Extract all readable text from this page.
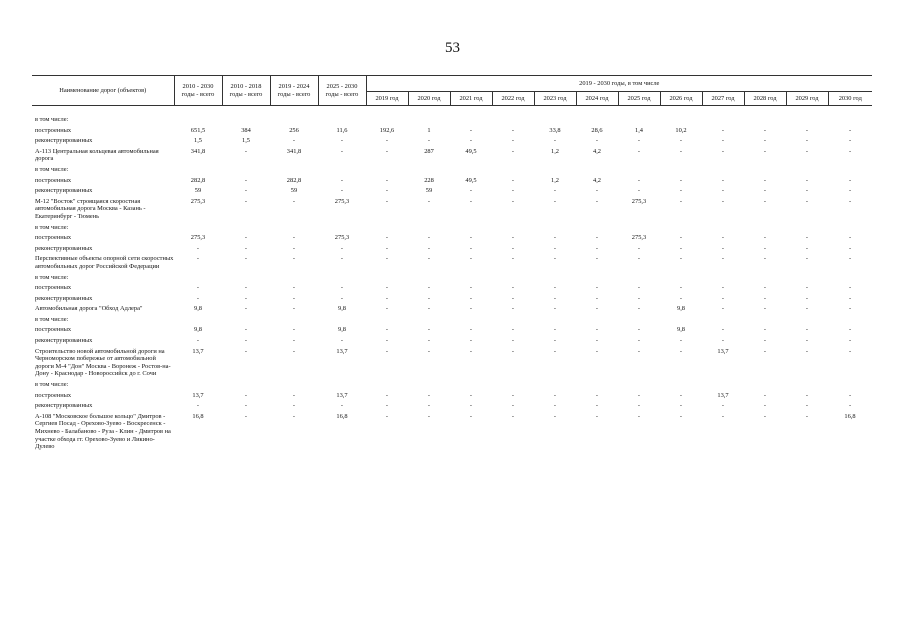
53
Наименование дорог (объектов)	2010 - 2030 годы - всего	2010 - 2018 годы - всего	2019 - 2024 годы - всего	2025 - 2030 годы - всего	2019 - 2030 годы, в том числе											
					2019 год	2020 год	2021 год	2022 год	2023 год	2024 год	2025 год	2026 год	2027 год	2028 год	2029 год	2030 год
в том числе:																
построенных	651,5	384	256	11,6	192,6	1	-	-	33,8	28,6	1,4	10,2	-	-	-	-
реконструированных	1,5	1,5	-	-	-	-	-	-	-	-	-	-	-	-	-	-
А-113 Центральная кольцевая автомобильная дорога	341,8	-	341,8	-	-	287	49,5	-	1,2	4,2	-	-	-	-	-	-
в том числе:																
построенных	282,8	-	282,8	-	-	228	49,5	-	1,2	4,2	-	-	-	-	-	-
реконструированных	59	-	59	-	-	59	-	-	-	-	-	-	-	-	-	-
М-12 "Восток" строящаяся скоростная автомобильная дорога Москва - Казань - Екатеринбург - Тюмень	275,3	-	-	275,3	-	-	-	-	-	-	275,3	-	-	-	-	-
в том числе:																
построенных	275,3	-	-	275,3	-	-	-	-	-	-	275,3	-	-	-	-	-
реконструированных	-	-	-	-	-	-	-	-	-	-	-	-	-	-	-	-
Перспективные объекты опорной сети скоростных автомобильных дорог Российской Федерации	-	-	-	-	-	-	-	-	-	-	-	-	-	-	-	-
в том числе:																
построенных	-	-	-	-	-	-	-	-	-	-	-	-	-	-	-	-
реконструированных	-	-	-	-	-	-	-	-	-	-	-	-	-	-	-	-
Автомобильная дорога "Обход Адлера"	9,8	-	-	9,8	-	-	-	-	-	-	-	9,8	-	-	-	-
в том числе:																
построенных	9,8	-	-	9,8	-	-	-	-	-	-	-	9,8	-	-	-	-
реконструированных	-	-	-	-	-	-	-	-	-	-	-	-	-	-	-	-
Строительство новой автомобильной дороги на Черноморском побережье от автомобильной дороги М-4 "Дон" Москва - Воронеж - Ростов-на-Дону - Краснодар - Новороссийск до г. Сочи	13,7	-	-	13,7	-	-	-	-	-	-	-	-	13,7	-	-	-
в том числе:																
построенных	13,7	-	-	13,7	-	-	-	-	-	-	-	-	13,7	-	-	-
реконструированных	-	-	-	-	-	-	-	-	-	-	-	-	-	-	-	-
А-108 "Московское большое кольцо" Дмитров - Сергиев Посад - Орехово-Зуево - Воскресенск - Михнево - Балабаново - Руза - Клин - Дмитров на участке обхода гг. Орехово-Зуево и Ликино-Дулево	16,8	-	-	16,8	-	-	-	-	-	-	-	-	-	-	-	16,8
